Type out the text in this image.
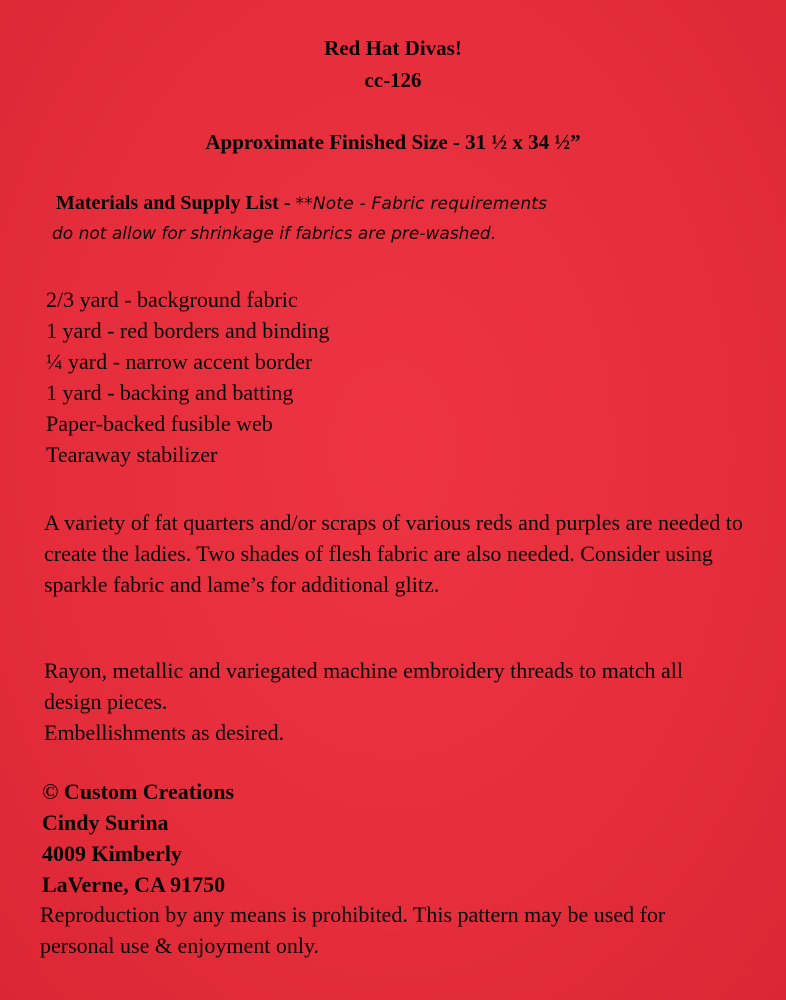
Red Hat Divas!
cc-126
Approximate Finished Size - 31 ½ x 34 ½”
Materials and Supply List - **Note - Fabric requirements
do not allow for shrinkage if fabrics are pre-washed.
2/3 yard - background fabric
1 yard - red borders and binding
¼ yard - narrow accent border
1 yard - backing and batting
Paper-backed fusible web
Tearaway stabilizer

A variety of fat quarters and/or scraps of various reds and purples are needed to create the ladies. Two shades of flesh fabric are also needed. Consider using sparkle fabric and lame’s for additional glitz.

Rayon, metallic and variegated machine embroidery threads to match all design pieces.

Embellishments as desired.

© Custom Creations
Cindy Surina
4009 Kimberly
LaVerne, CA 91750

Reproduction by any means is prohibited. This pattern may be used for personal use & enjoyment only.
